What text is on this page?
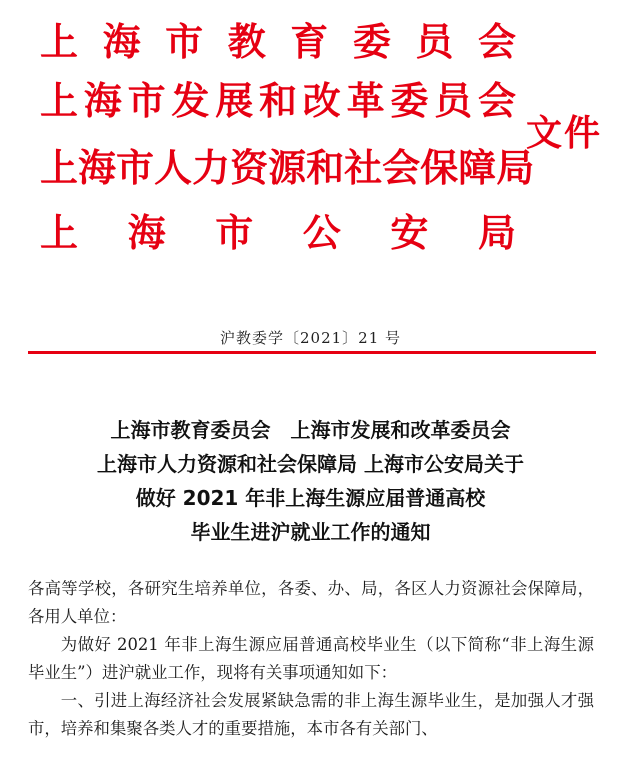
上 海 市 教 育 委 员 会
上 海 市 发 展 和 改 革 委 员 会
上 海 市 人 力 资 源 和 社 会 保 障 局
上 海 市 公 安 局
文件
沪教委学〔2021〕21 号
上海市教育委员会　上海市发展和改革委员会
上海市人力资源和社会保障局 上海市公安局关于
做好 2021 年非上海生源应届普通高校
毕业生进沪就业工作的通知

各高等学校，各研究生培养单位，各委、办、局，各区人力资源社会保障局，各用人单位：

为做好 2021 年非上海生源应届普通高校毕业生（以下简称“非上海生源毕业生”）进沪就业工作，现将有关事项通知如下：

一、引进上海经济社会发展紧缺急需的非上海生源毕业生，是加强人才强市，培养和集聚各类人才的重要措施，本市各有关部门、
